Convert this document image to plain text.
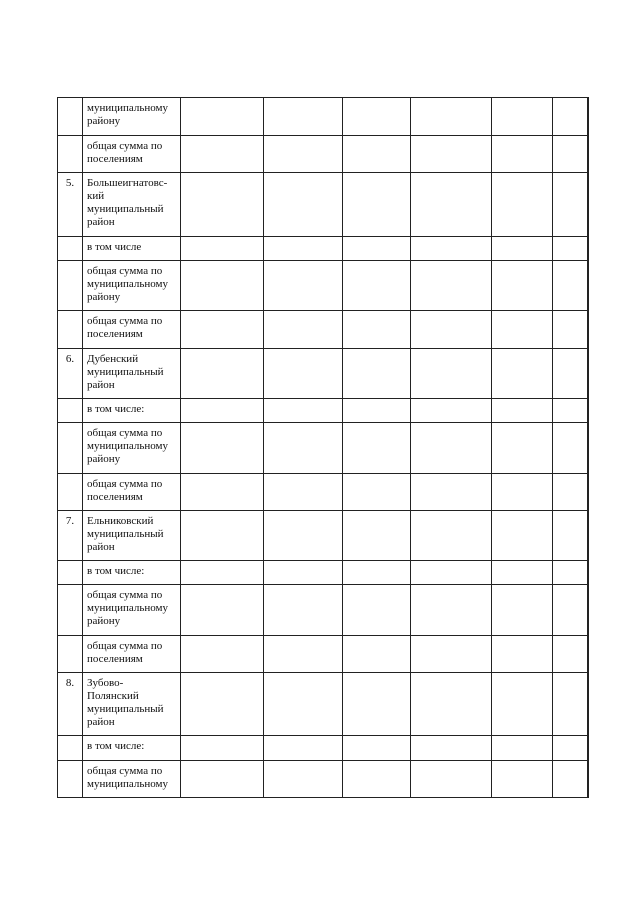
	муниципальному
району							

	общая сумма по
поселениям							

5.	Большеигнатовс-
кий
муниципальный
район							

	в том числе							

	общая сумма по
муниципальному
району							

	общая сумма по
поселениям							

6.	Дубенский
муниципальный
район							

	в том числе:							

	общая сумма по
муниципальному
району							

	общая сумма по
поселениям							

7.	Ельниковский
муниципальный
район							

	в том числе:							

	общая сумма по
муниципальному
району							

	общая сумма по
поселениям							

8.	Зубово-
Полянский
муниципальный
район							

	в том числе:							

	общая сумма по
муниципальному							
